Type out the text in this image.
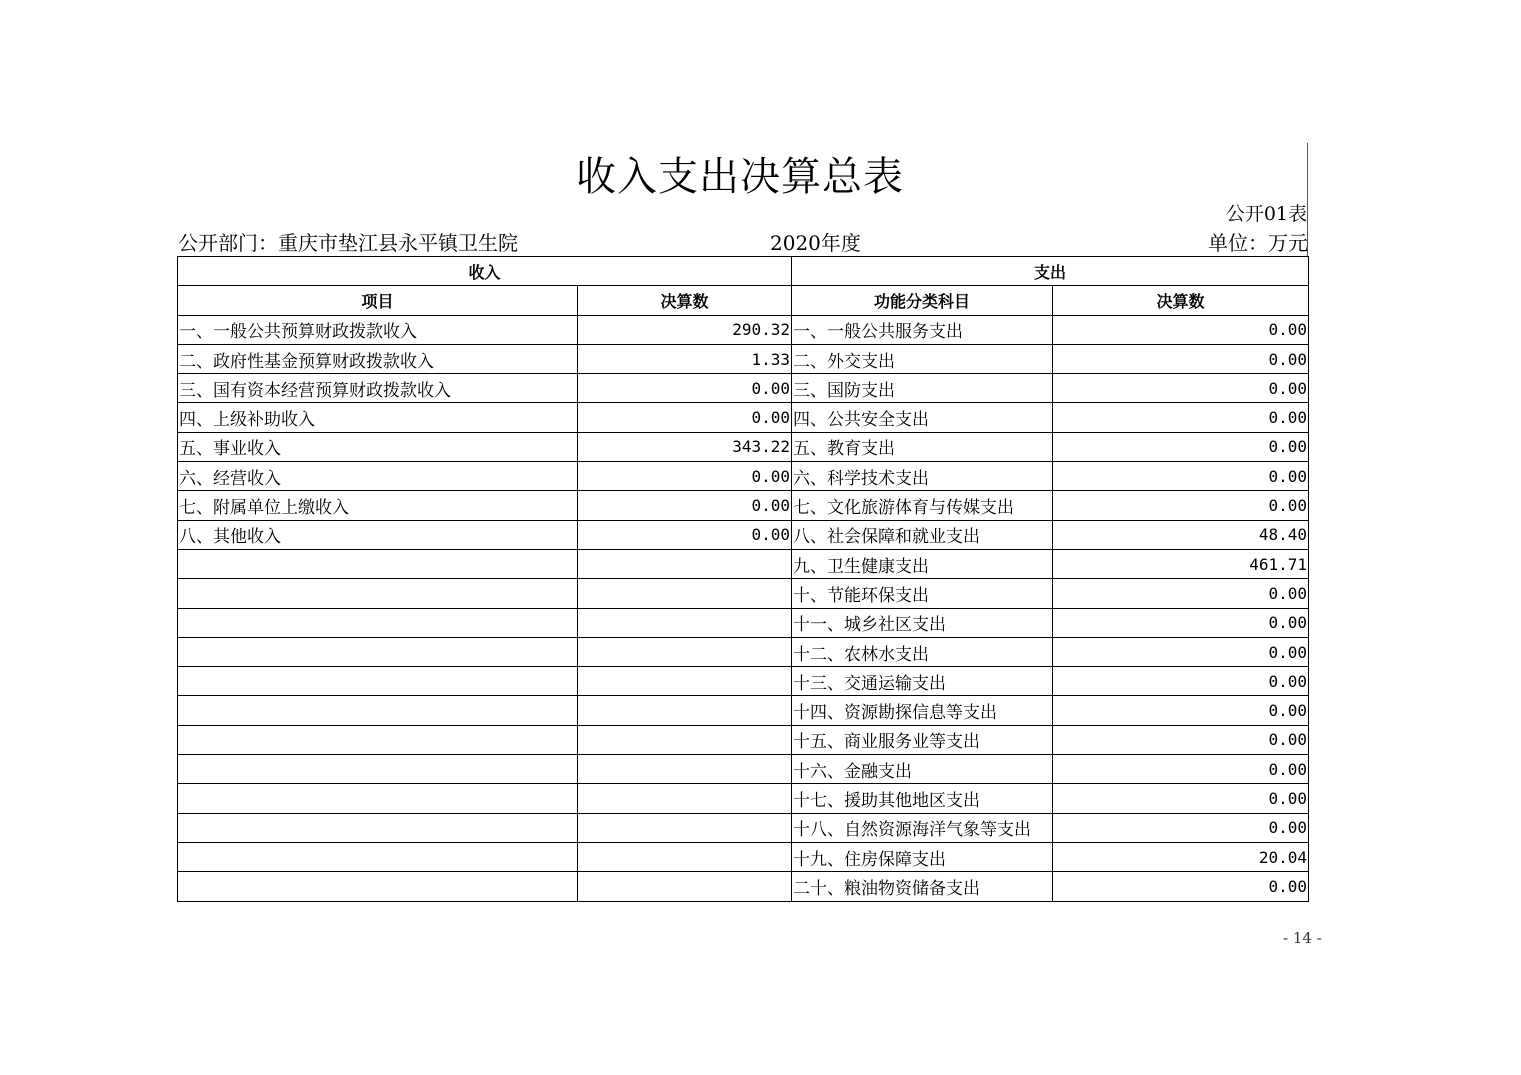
收入支出决算总表
公开01表
公开部门：重庆市垫江县永平镇卫生院	2020年度	单位：万元
收入		支出	
项目	决算数	功能分类科目	决算数
一、一般公共预算财政拨款收入	290.32	一、一般公共服务支出	0.00
二、政府性基金预算财政拨款收入	1.33	二、外交支出	0.00
三、国有资本经营预算财政拨款收入	0.00	三、国防支出	0.00
四、上级补助收入	0.00	四、公共安全支出	0.00
五、事业收入	343.22	五、教育支出	0.00
六、经营收入	0.00	六、科学技术支出	0.00
七、附属单位上缴收入	0.00	七、文化旅游体育与传媒支出	0.00
八、其他收入	0.00	八、社会保障和就业支出	48.40
		九、卫生健康支出	461.71
		十、节能环保支出	0.00
		十一、城乡社区支出	0.00
		十二、农林水支出	0.00
		十三、交通运输支出	0.00
		十四、资源勘探信息等支出	0.00
		十五、商业服务业等支出	0.00
		十六、金融支出	0.00
		十七、援助其他地区支出	0.00
		十八、自然资源海洋气象等支出	0.00
		十九、住房保障支出	20.04
		二十、粮油物资储备支出	0.00
- 14 -
